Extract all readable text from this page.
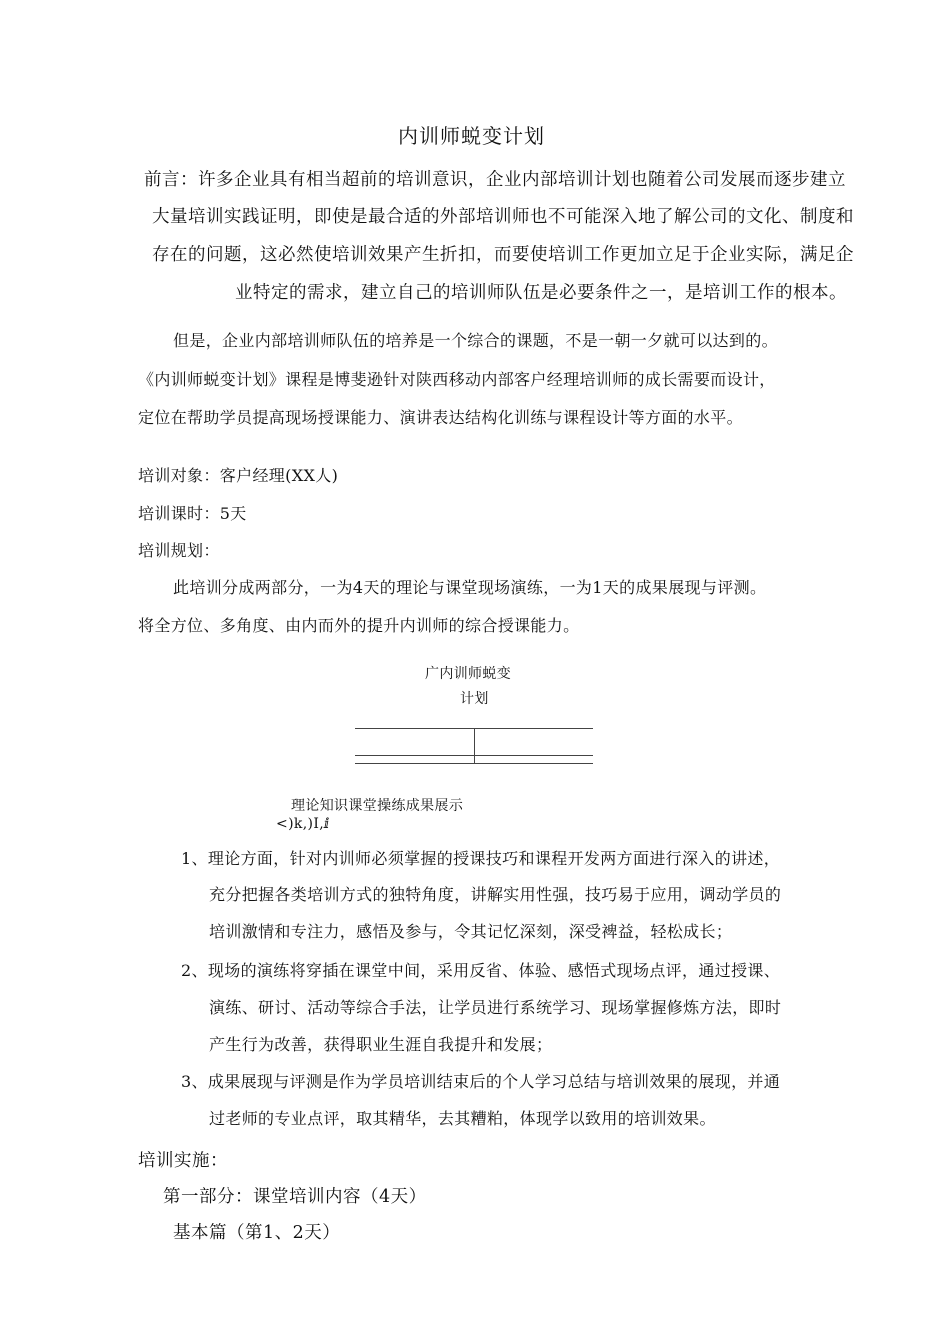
内训师蜕变计划
前言：许多企业具有相当超前的培训意识，企业内部培训计划也随着公司发展而逐步建立
大量培训实践证明，即使是最合适的外部培训师也不可能深入地了解公司的文化、制度和
存在的问题，这必然使培训效果产生折扣，而要使培训工作更加立足于企业实际，满足企
业特定的需求，建立自己的培训师队伍是必要条件之一，是培训工作的根本。
但是，企业内部培训师队伍的培养是一个综合的课题，不是一朝一夕就可以达到的。
《内训师蜕变计划》课程是博斐逊针对陕西移动内部客户经理培训师的成长需要而设计，
定位在帮助学员提高现场授课能力、演讲表达结构化训练与课程设计等方面的水平。
培训对象：客户经理(XX人)
培训课时：5天
培训规划：
此培训分成两部分，一为4天的理论与课堂现场演练，一为1天的成果展现与评测。
将全方位、多角度、由内而外的提升内训师的综合授课能力。
广内训师蜕变
计划
理论知识课堂操练成果展示
<)k,)I,ⅈ
1、理论方面，针对内训师必须掌握的授课技巧和课程开发两方面进行深入的讲述，
充分把握各类培训方式的独特角度，讲解实用性强，技巧易于应用，调动学员的
培训激情和专注力，感悟及参与，令其记忆深刻，深受裨益，轻松成长；
2、现场的演练将穿插在课堂中间，采用反省、体验、感悟式现场点评，通过授课、
演练、研讨、活动等综合手法，让学员进行系统学习、现场掌握修炼方法，即时
产生行为改善，获得职业生涯自我提升和发展；
3、成果展现与评测是作为学员培训结束后的个人学习总结与培训效果的展现，并通
过老师的专业点评，取其精华，去其糟粕，体现学以致用的培训效果。
培训实施：
第一部分：课堂培训内容（4天）
基本篇（第1、2天）
